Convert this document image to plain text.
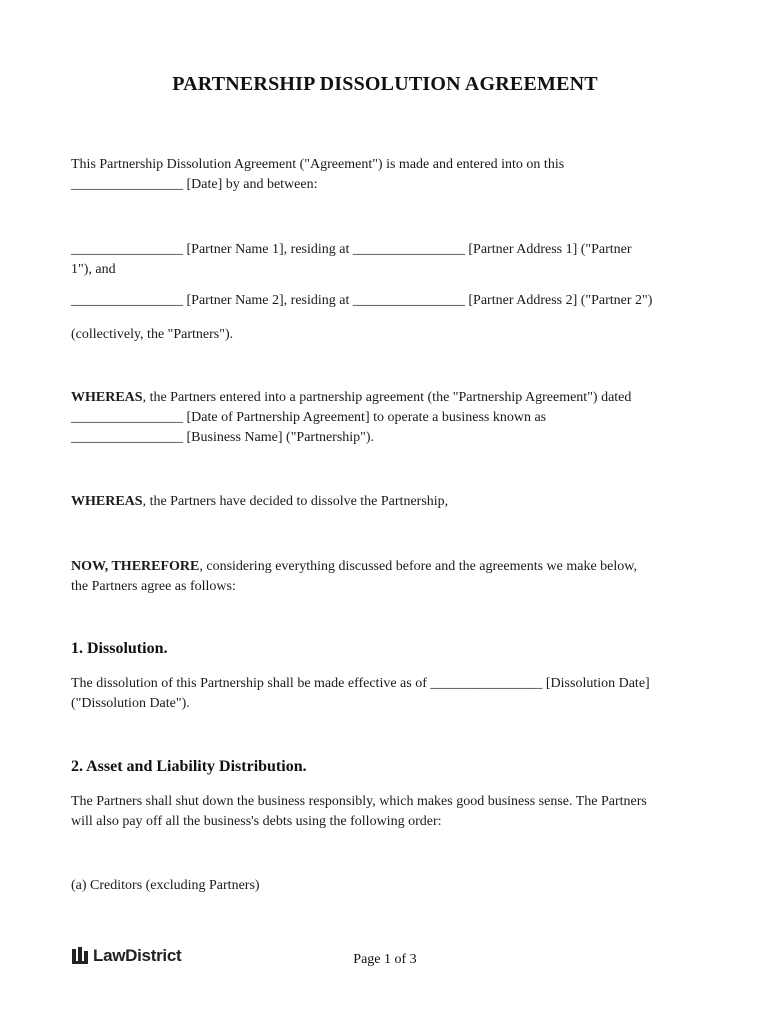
PARTNERSHIP DISSOLUTION AGREEMENT
This Partnership Dissolution Agreement ("Agreement") is made and entered into on this
________________ [Date] by and between:
________________ [Partner Name 1], residing at ________________ [Partner Address 1] ("Partner
1"), and
________________ [Partner Name 2], residing at ________________ [Partner Address 2] ("Partner 2")
(collectively, the "Partners").
WHEREAS, the Partners entered into a partnership agreement (the "Partnership Agreement") dated
________________ [Date of Partnership Agreement] to operate a business known as
________________ [Business Name] ("Partnership").
WHEREAS, the Partners have decided to dissolve the Partnership,
NOW, THEREFORE, considering everything discussed before and the agreements we make below,
the Partners agree as follows:
1. Dissolution.
The dissolution of this Partnership shall be made effective as of ________________ [Dissolution Date]
("Dissolution Date").
2. Asset and Liability Distribution.
The Partners shall shut down the business responsibly, which makes good business sense. The Partners
will also pay off all the business's debts using the following order:
(a) Creditors (excluding Partners)
LawDistrict	Page 1 of 3
